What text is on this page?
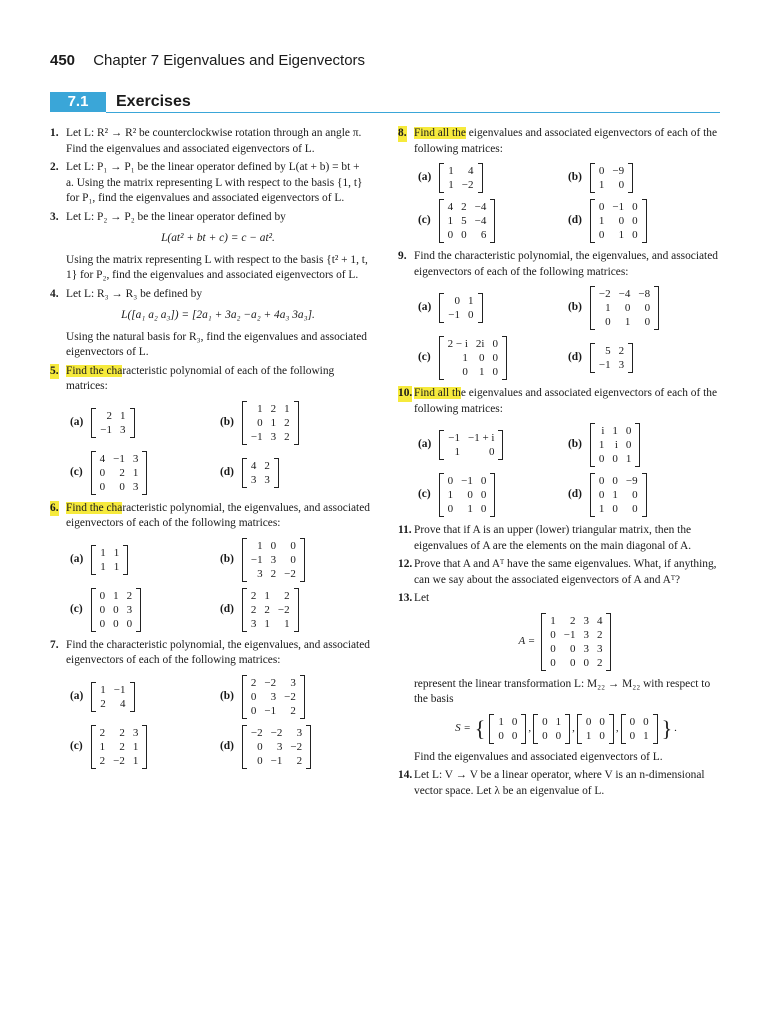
450 Chapter 7 Eigenvalues and Eigenvectors
7.1	Exercises
1. Let L: R² → R² be counterclockwise rotation through an angle π. Find the eigenvalues and associated eigenvectors of L.
2. Let L: P₁ → P₁ be the linear operator defined by L(at + b) = bt + a. Using the matrix representing L with respect to the basis {1, t} for P₁, find the eigenvalues and associated eigenvectors of L.
3. Let L: P₂ → P₂ be the linear operator defined by
L(at² + bt + c) = c − at².
Using the matrix representing L with respect to the basis {t² + 1, t, 1} for P₂, find the eigenvalues and associated eigenvectors of L.
4. Let L: R₃ → R₃ be defined by
L([a₁ a₂ a₃]) = [2a₁ + 3a₂ −a₂ + 4a₃ 3a₃].
Using the natural basis for R₃, find the eigenvalues and associated eigenvectors of L.
5. Find the characteristic polynomial of each of the following matrices:
(a)
2	1
−1	3
(b)
1	2	1
0	1	2
−1	3	2
(c)
4	−1	3
0	2	1
0	0	3
(d)
4	2
3	3
6. Find the characteristic polynomial, the eigenvalues, and associated eigenvectors of each of the following matrices:
(a)
1	1
1	1
(b)
1	0	0
−1	3	0
3	2	−2
(c)
0	1	2
0	0	3
0	0	0
(d)
2	1	2
2	2	−2
3	1	1
7. Find the characteristic polynomial, the eigenvalues, and associated eigenvectors of each of the following matrices:
(a)
1	−1
2	4
(b)
2	−2	3
0	3	−2
0	−1	2
(c)
2	2	3
1	2	1
2	−2	1
(d)
−2	−2	3
0	3	−2
0	−1	2
8. Find all the eigenvalues and associated eigenvectors of each of the following matrices:
(a)
1	4
1	−2
(b)
0	−9
1	0
(c)
4	2	−4
1	5	−4
0	0	6
(d)
0	−1	0
1	0	0
0	1	0
9. Find the characteristic polynomial, the eigenvalues, and associated eigenvectors of each of the following matrices:
(a)
0	1
−1	0
(b)
−2	−4	−8
1	0	0
0	1	0
(c)
2 − i	2i	0
1	0	0
0	1	0
(d)
5	2
−1	3
10. Find all the eigenvalues and associated eigenvectors of each of the following matrices:
(a)
−1	−1 + i
1	0
(b)
i	1	0
1	i	0
0	0	1
(c)
0	−1	0
1	0	0
0	1	0
(d)
0	0	−9
0	1	0
1	0	0
11. Prove that if A is an upper (lower) triangular matrix, then the eigenvalues of A are the elements on the main diagonal of A.
12. Prove that A and Aᵀ have the same eigenvalues. What, if anything, can we say about the associated eigenvectors of A and Aᵀ?
13. Let
A =
1	2	3	4
0	−1	3	2
0	0	3	3
0	0	0	2
represent the linear transformation L: M₂₂ → M₂₂ with respect to the basis
S = { 1	0
0	0
,
0	1
0	0
,
0	0
1	0
,
0	0
0	1 } .
Find the eigenvalues and associated eigenvectors of L.
14. Let L: V → V be a linear operator, where V is an n-dimensional vector space. Let λ be an eigenvalue of L.
